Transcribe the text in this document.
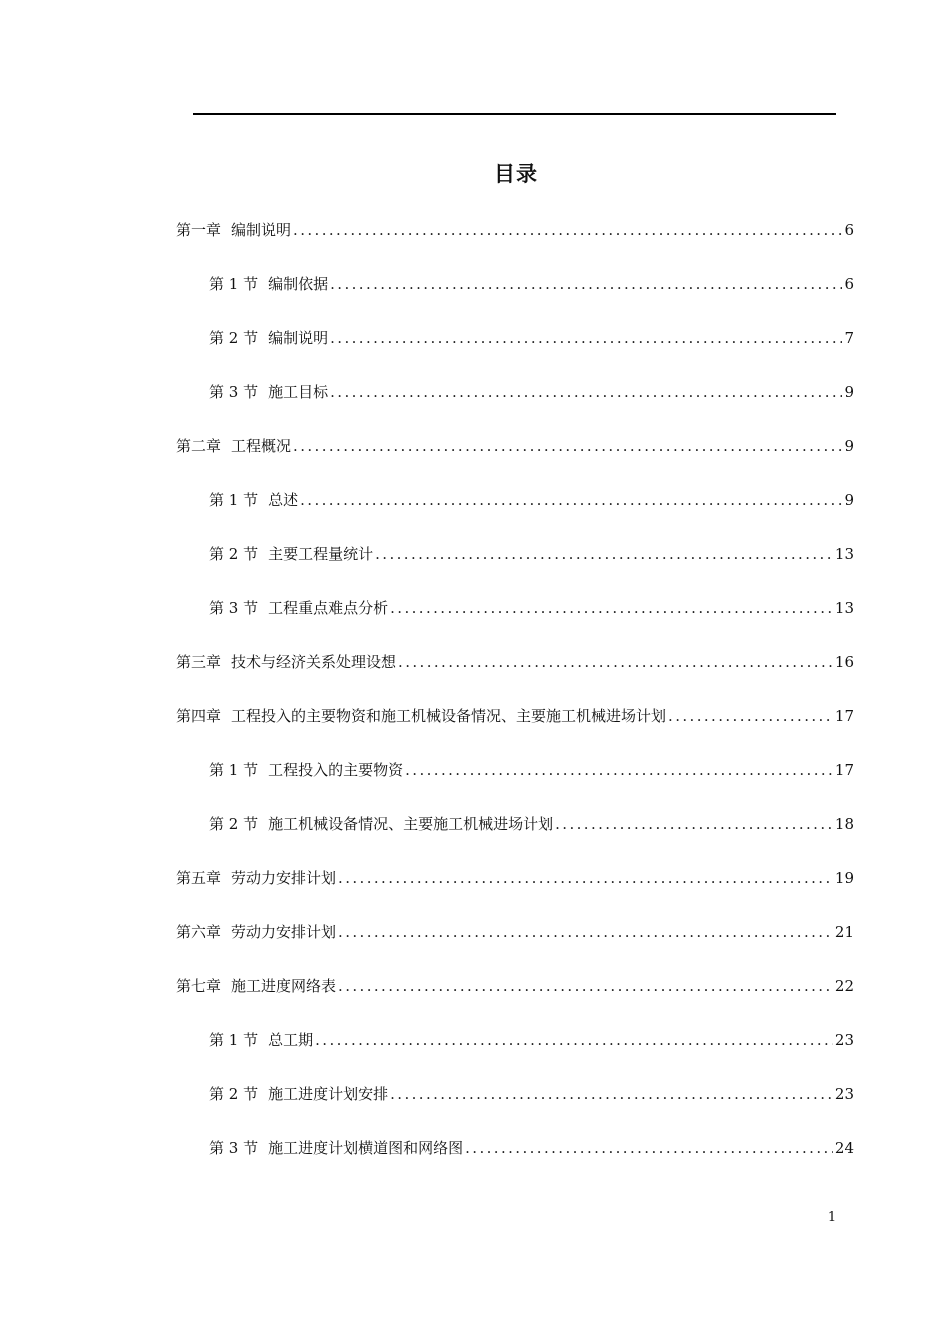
目录
第一章 编制说明 .....	6
第 1 节 编制依据 .....	6
第 2 节 编制说明 .....	7
第 3 节 施工目标 .....	9
第二章 工程概况 .....	9
第 1 节 总述 .....	9
第 2 节 主要工程量统计 .....	13
第 3 节 工程重点难点分析 .....	13
第三章 技术与经济关系处理设想 .....	16
第四章 工程投入的主要物资和施工机械设备情况、主要施工机械进场计划 .....	17
第 1 节 工程投入的主要物资 .....	17
第 2 节 施工机械设备情况、主要施工机械进场计划 .....	18
第五章 劳动力安排计划 .....	19
第六章 劳动力安排计划 .....	21
第七章 施工进度网络表 .....	22
第 1 节 总工期 .....	23
第 2 节 施工进度计划安排 .....	23
第 3 节 施工进度计划横道图和网络图 .....	24
1
